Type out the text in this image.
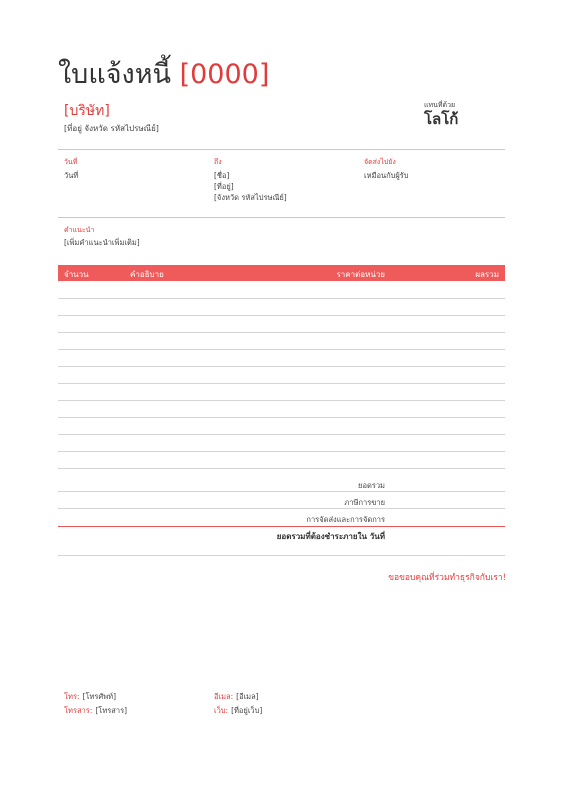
ใบแจ้งหนี้ [0000]
[บริษัท]
[ที่อยู่ จังหวัด รหัสไปรษณีย์]
แทนที่ด้วย
โลโก้
วันที่
วันที่
ถึง
[ชื่อ]
[ที่อยู่]
[จังหวัด รหัสไปรษณีย์]
จัดส่งไปยัง
เหมือนกับผู้รับ
คำแนะนำ
[เพิ่มคำแนะนำเพิ่มเติม]
จำนวน	คำอธิบาย	ราคาต่อหน่วย	ผลรวม
ยอดรวม
ภาษีการขาย
การจัดส่งและการจัดการ
ยอดรวมที่ต้องชำระภายใน วันที่
ขอขอบคุณที่ร่วมทำธุรกิจกับเรา!
โทร: [โทรศัพท์]
โทรสาร: [โทรสาร]
อีเมล: [อีเมล]
เว็บ: [ที่อยู่เว็บ]
